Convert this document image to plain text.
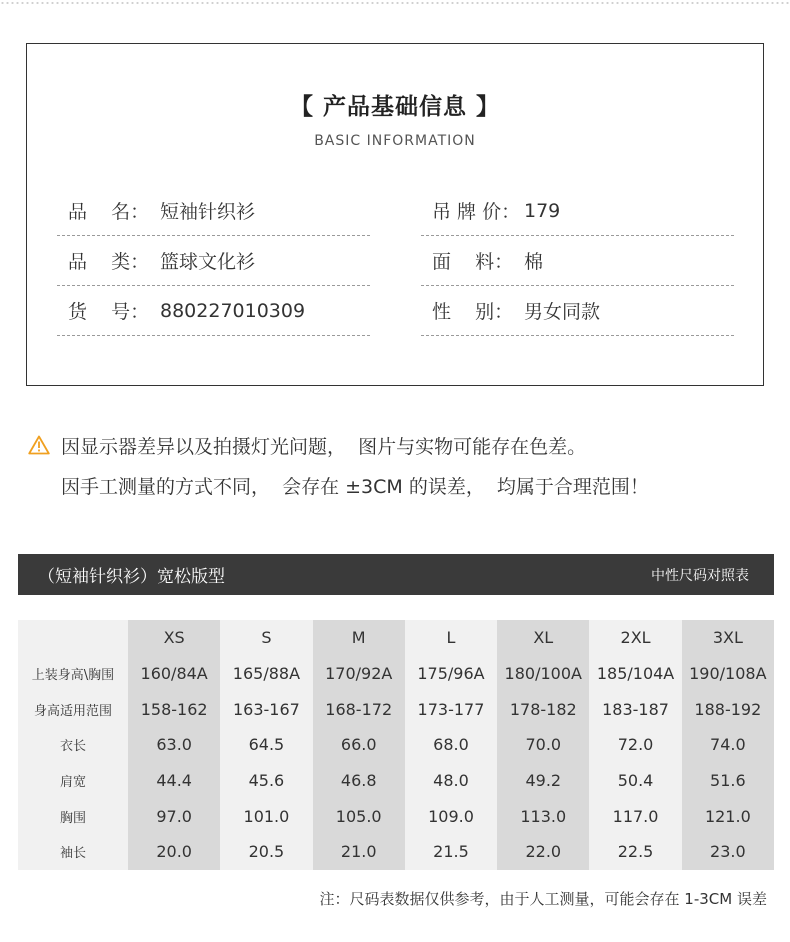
【 产品基础信息 】
BASIC INFORMATION
品    名： 短袖针织衫	吊 牌 价： 179
品    类： 篮球文化衫	面    料： 棉
货    号： 880227010309	性    别： 男女同款
因显示器差异以及拍摄灯光问题，  图片与实物可能存在色差。
因手工测量的方式不同，  会存在 ±3CM 的误差，  均属于合理范围！
（短袖针织衫）宽松版型	中性尺码对照表
	XS	S	M	L	XL	2XL	3XL
上装身高\胸围	160/84A	165/88A	170/92A	175/96A	180/100A	185/104A	190/108A
身高适用范围	158-162	163-167	168-172	173-177	178-182	183-187	188-192
衣长	63.0	64.5	66.0	68.0	70.0	72.0	74.0
肩宽	44.4	45.6	46.8	48.0	49.2	50.4	51.6
胸围	97.0	101.0	105.0	109.0	113.0	117.0	121.0
袖长	20.0	20.5	21.0	21.5	22.0	22.5	23.0
注：尺码表数据仅供参考，由于人工测量，可能会存在 1-3CM 误差
